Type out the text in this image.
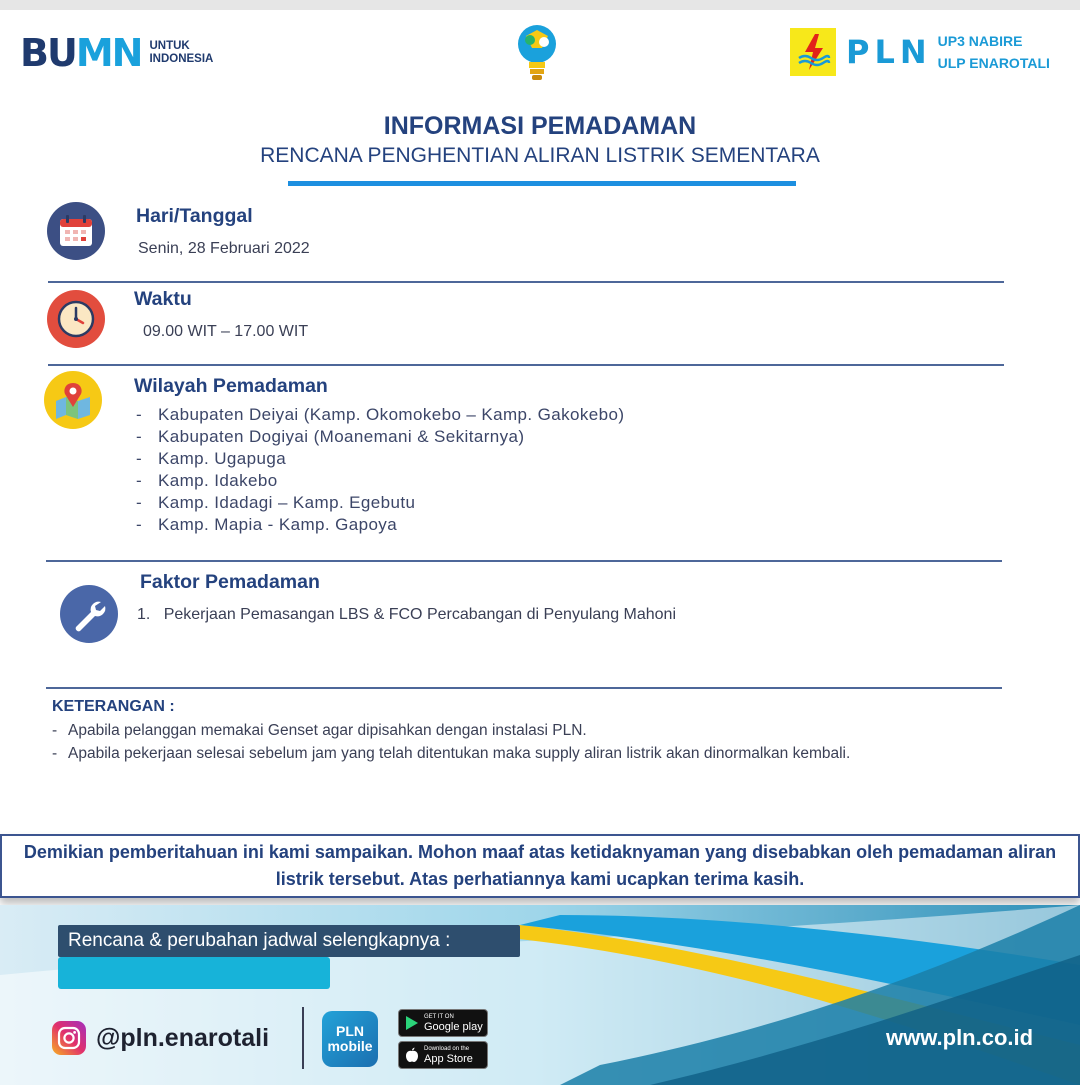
BUMN UNTUK
INDONESIA	PLN UP3 NABIRE
ULP ENAROTALI
INFORMASI PEMADAMAN
RENCANA PENGHENTIAN ALIRAN LISTRIK SEMENTARA
Hari/Tanggal
Senin, 28 Februari 2022
Waktu
09.00 WIT – 17.00 WIT
Wilayah Pemadaman
- Kabupaten Deiyai (Kamp. Okomokebo – Kamp. Gakokebo)
- Kabupaten Dogiyai (Moanemani & Sekitarnya)
- Kamp. Ugapuga
- Kamp. Idakebo
- Kamp. Idadagi – Kamp. Egebutu
- Kamp. Mapia - Kamp. Gapoya
Faktor Pemadaman
1. Pekerjaan Pemasangan LBS & FCO Percabangan di Penyulang Mahoni
KETERANGAN :
- Apabila pelanggan memakai Genset agar dipisahkan dengan instalasi PLN.
- Apabila pekerjaan selesai sebelum jam yang telah ditentukan maka supply aliran listrik akan dinormalkan kembali.
Demikian pemberitahuan ini kami sampaikan. Mohon maaf atas ketidaknyaman yang disebabkan oleh pemadaman aliran listrik tersebut. Atas perhatiannya kami ucapkan terima kasih.
Rencana & perubahan jadwal selengkapnya :
@pln.enarotali	PLN
mobile
GET IT ON
Google play
Download on the
App Store
www.pln.co.id
